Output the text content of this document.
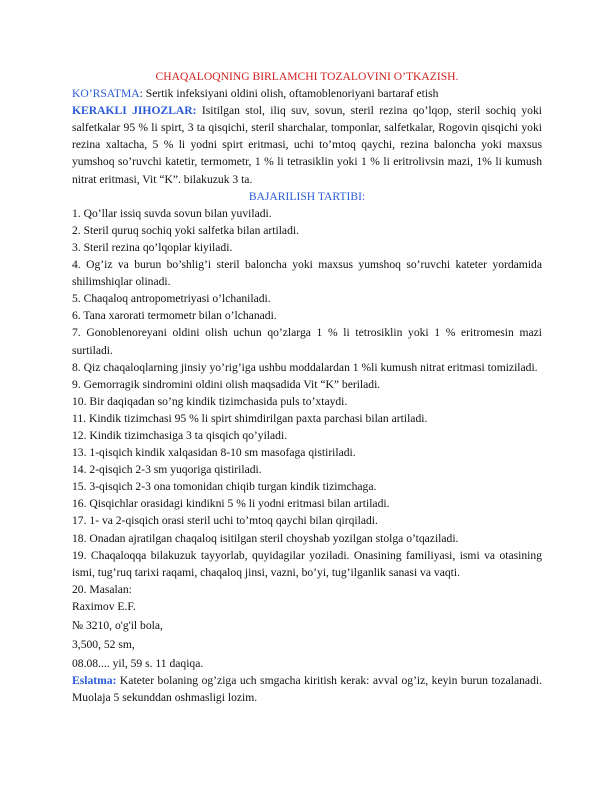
CHAQALOQNING BIRLAMCHI TOZALOVINI O’TKAZISH.

KO’RSATMA: Sertik infeksiyani oldini olish, oftamoblenoriyani bartaraf etish

KERAKLI JIHOZLAR: Isitilgan stol, iliq suv, sovun, steril rezina qo’lqop, steril sochiq yoki salfetkalar 95 % li spirt, 3 ta qisqichi, steril sharchalar, tomponlar, salfetkalar, Rogovin qisqichi yoki rezina xaltacha, 5 % li yodni spirt eritmasi, uchi to’mtoq qaychi, rezina baloncha yoki maxsus yumshoq so’ruvchi katetir, termometr, 1 % li tetrasiklin yoki 1 % li eritrolivsin mazi, 1% li kumush nitrat eritmasi, Vit “K”. bilakuzuk 3 ta.

BAJARILISH TARTIBI:

1. Qo’llar issiq suvda sovun bilan yuviladi.

2. Steril quruq sochiq yoki salfetka bilan artiladi.

3. Steril rezina qo’lqoplar kiyiladi.

4. Og’iz va burun bo’shlig’i steril baloncha yoki maxsus yumshoq so’ruvchi kateter yordamida shilimshiqlar olinadi.

5. Chaqaloq antropometriyasi o’lchaniladi.

6. Tana xarorati termometr bilan o’lchanadi.

7. Gonoblenoreyani oldini olish uchun qo’zlarga 1 % li tetrosiklin yoki 1 % eritromesin mazi surtiladi.

8. Qiz chaqaloqlarning jinsiy yo’rig’iga ushbu moddalardan 1 %li kumush nitrat eritmasi tomiziladi.

9. Gemorragik sindromini oldini olish maqsadida Vit “K” beriladi.

10. Bir daqiqadan so’ng kindik tizimchasida puls to’xtaydi.

11. Kindik tizimchasi 95 % li spirt shimdirilgan paxta parchasi bilan artiladi.

12. Kindik tizimchasiga 3 ta qisqich qo’yiladi.

13. 1-qisqich kindik xalqasidan 8-10 sm masofaga qistiriladi.

14. 2-qisqich 2-3 sm yuqoriga qistiriladi.

15. 3-qisqich 2-3 ona tomonidan chiqib turgan kindik tizimchaga.

16. Qisqichlar orasidagi kindikni 5 % li yodni eritmasi bilan artiladi.

17. 1- va 2-qisqich orasi steril uchi to’mtoq qaychi bilan qirqiladi.

18. Onadan ajratilgan chaqaloq isitilgan steril choyshab yozilgan stolga o’tqaziladi.

19. Chaqaloqqa bilakuzuk tayyorlab, quyidagilar yoziladi. Onasining familiyasi, ismi va otasining ismi, tug’ruq tarixi raqami, chaqaloq jinsi, vazni, bo’yi, tug’ilganlik sanasi va vaqti.

20. Masalan:

Raximov E.F.

№ 3210, o'g'il bola,

3,500, 52 sm,

08.08.... yil, 59 s. 11 daqiqa.

Eslatma: Kateter bolaning og’ziga uch smgacha kiritish kerak: avval og’iz, keyin burun tozalanadi. Muolaja 5 sekunddan oshmasligi lozim.
